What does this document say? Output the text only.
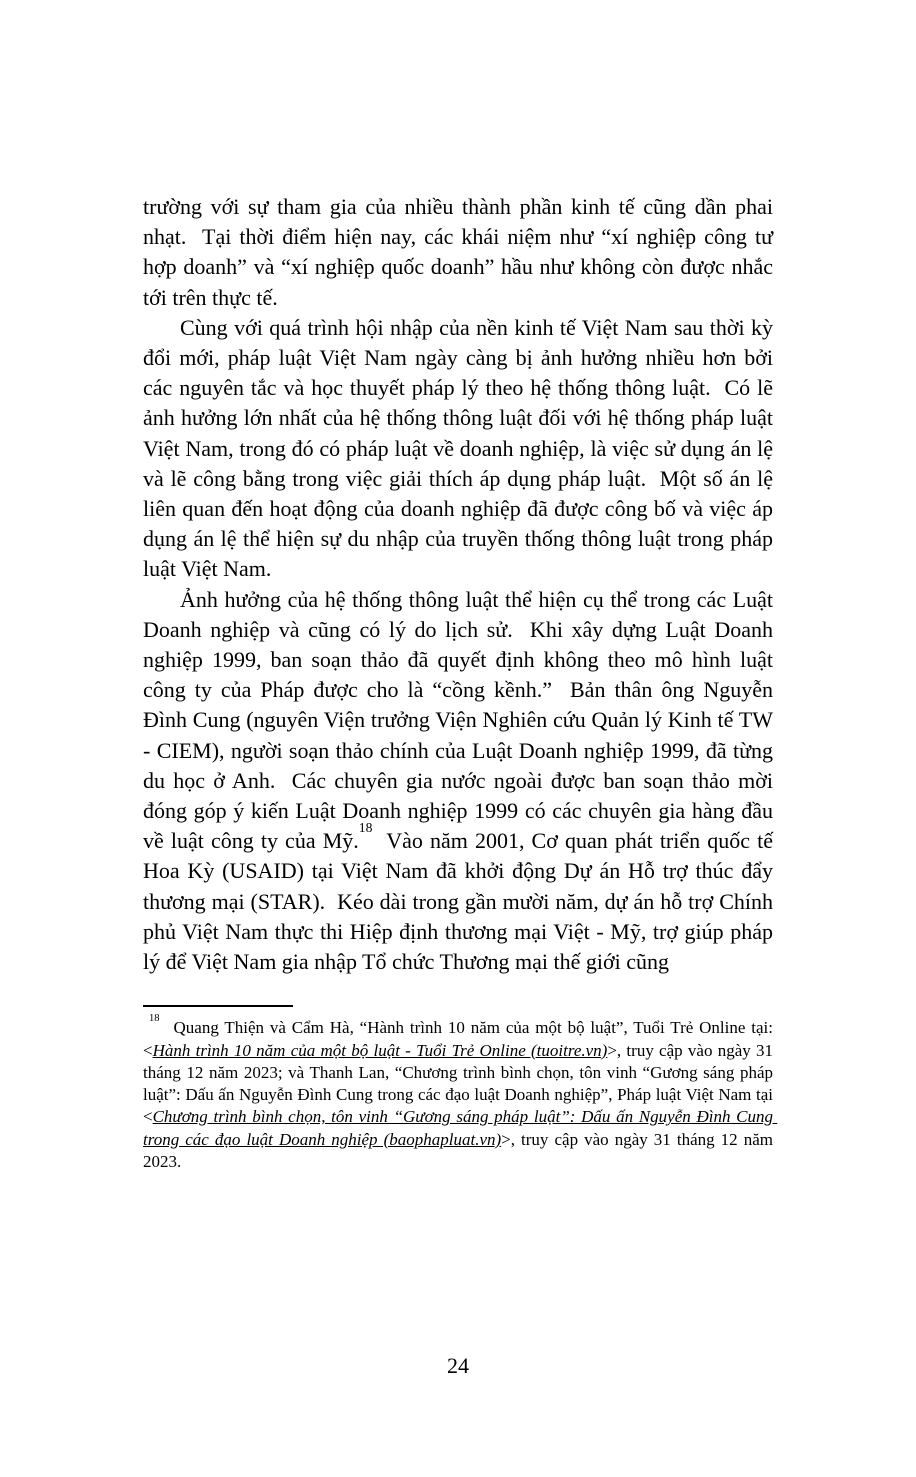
trường với sự tham gia của nhiều thành phần kinh tế cũng dần phai nhạt.  Tại thời điểm hiện nay, các khái niệm như “xí nghiệp công tư hợp doanh” và “xí nghiệp quốc doanh” hầu như không còn được nhắc tới trên thực tế.

Cùng với quá trình hội nhập của nền kinh tế Việt Nam sau thời kỳ đổi mới, pháp luật Việt Nam ngày càng bị ảnh hưởng nhiều hơn bởi các nguyên tắc và học thuyết pháp lý theo hệ thống thông luật.  Có lẽ ảnh hưởng lớn nhất của hệ thống thông luật đối với hệ thống pháp luật Việt Nam, trong đó có pháp luật về doanh nghiệp, là việc sử dụng án lệ và lẽ công bằng trong việc giải thích áp dụng pháp luật.  Một số án lệ liên quan đến hoạt động của doanh nghiệp đã được công bố và việc áp dụng án lệ thể hiện sự du nhập của truyền thống thông luật trong pháp luật Việt Nam.

Ảnh hưởng của hệ thống thông luật thể hiện cụ thể trong các Luật Doanh nghiệp và cũng có lý do lịch sử.  Khi xây dựng Luật Doanh nghiệp 1999, ban soạn thảo đã quyết định không theo mô hình luật công ty của Pháp được cho là “cồng kềnh.”  Bản thân ông Nguyễn Đình Cung (nguyên Viện trưởng Viện Nghiên cứu Quản lý Kinh tế TW - CIEM), người soạn thảo chính của Luật Doanh nghiệp 1999, đã từng du học ở Anh.  Các chuyên gia nước ngoài được ban soạn thảo mời đóng góp ý kiến Luật Doanh nghiệp 1999 có các chuyên gia hàng đầu về luật công ty của Mỹ.$^{18}$  Vào năm 2001, Cơ quan phát triển quốc tế Hoa Kỳ (USAID) tại Việt Nam đã khởi động Dự án Hỗ trợ thúc đẩy thương mại (STAR).  Kéo dài trong gần mười năm, dự án hỗ trợ Chính phủ Việt Nam thực thi Hiệp định thương mại Việt - Mỹ, trợ giúp pháp lý để Việt Nam gia nhập Tổ chức Thương mại thế giới cũng

$^{18}$ Quang Thiện và Cẩm Hà, “Hành trình 10 năm của một bộ luật”, Tuổi Trẻ Online tại: <Hành trình 10 năm của một bộ luật - Tuổi Trẻ Online (tuoitre.vn)>, truy cập vào ngày 31 tháng 12 năm 2023; và Thanh Lan, “Chương trình bình chọn, tôn vinh “Gương sáng pháp luật”: Dấu ấn Nguyễn Đình Cung trong các đạo luật Doanh nghiệp”, Pháp luật Việt Nam tại <Chương trình bình chọn, tôn vinh “Gương sáng pháp luật”: Dấu ấn Nguyễn Đình Cung trong các đạo luật Doanh nghiệp (baophapluat.vn)>, truy cập vào ngày 31 tháng 12 năm 2023.

24
